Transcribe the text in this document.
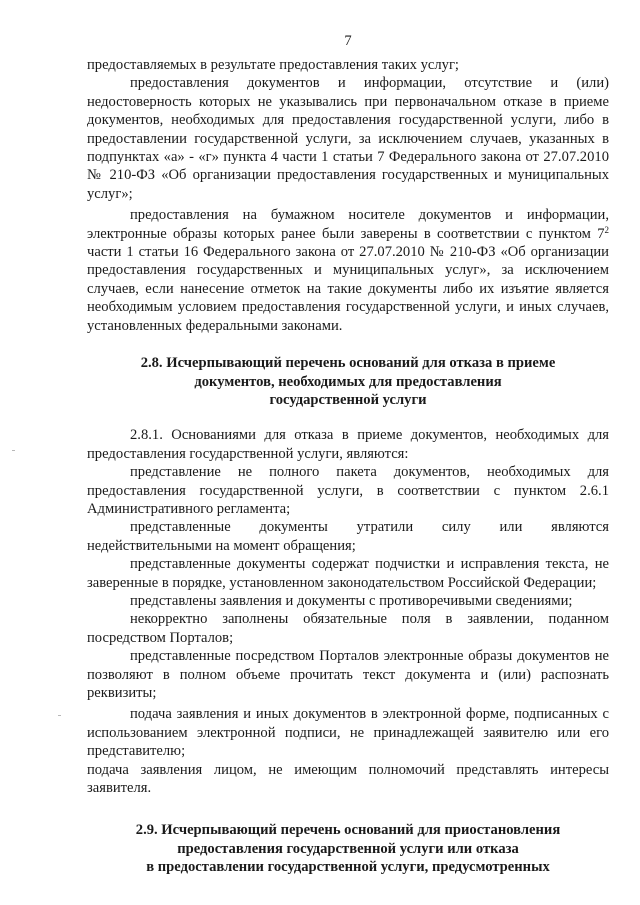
7

предоставляемых в результате предоставления таких услуг;

предоставления документов и информации, отсутствие и (или) недостоверность которых не указывались при первоначальном отказе в приеме документов, необходимых для предоставления государственной услуги, либо в предоставлении государственной услуги, за исключением случаев, указанных в подпунктах «а» - «г» пункта 4 части 1 статьи 7 Федерального закона от 27.07.2010 № 210-ФЗ «Об организации предоставления государственных и муниципальных услуг»;

предоставления на бумажном носителе документов и информации, электронные образы которых ранее были заверены в соответствии с пунктом $7^2$ части 1 статьи 16 Федерального закона от 27.07.2010 № 210-ФЗ «Об организации предоставления государственных и муниципальных услуг», за исключением случаев, если нанесение отметок на такие документы либо их изъятие является необходимым условием предоставления государственной услуги, и иных случаев, установленных федеральными законами.

2.8. Исчерпывающий перечень оснований для отказа в приеме
документов, необходимых для предоставления
государственной услуги

2.8.1. Основаниями для отказа в приеме документов, необходимых для предоставления государственной услуги, являются:

представление не полного пакета документов, необходимых для предоставления государственной услуги, в соответствии с пунктом 2.6.1 Административного регламента;

представленные документы утратили силу или являются недействительными на момент обращения;

представленные документы содержат подчистки и исправления текста, не заверенные в порядке, установленном законодательством Российской Федерации;

представлены заявления и документы с противоречивыми сведениями;

некорректно заполнены обязательные поля в заявлении, поданном посредством Порталов;

представленные посредством Порталов электронные образы документов не позволяют в полном объеме прочитать текст документа и (или) распознать реквизиты;

подача заявления и иных документов в электронной форме, подписанных с использованием электронной подписи, не принадлежащей заявителю или его представителю;

подача заявления лицом, не имеющим полномочий представлять интересы заявителя.

2.9. Исчерпывающий перечень оснований для приостановления
предоставления государственной услуги или отказа
в предоставлении государственной услуги, предусмотренных
